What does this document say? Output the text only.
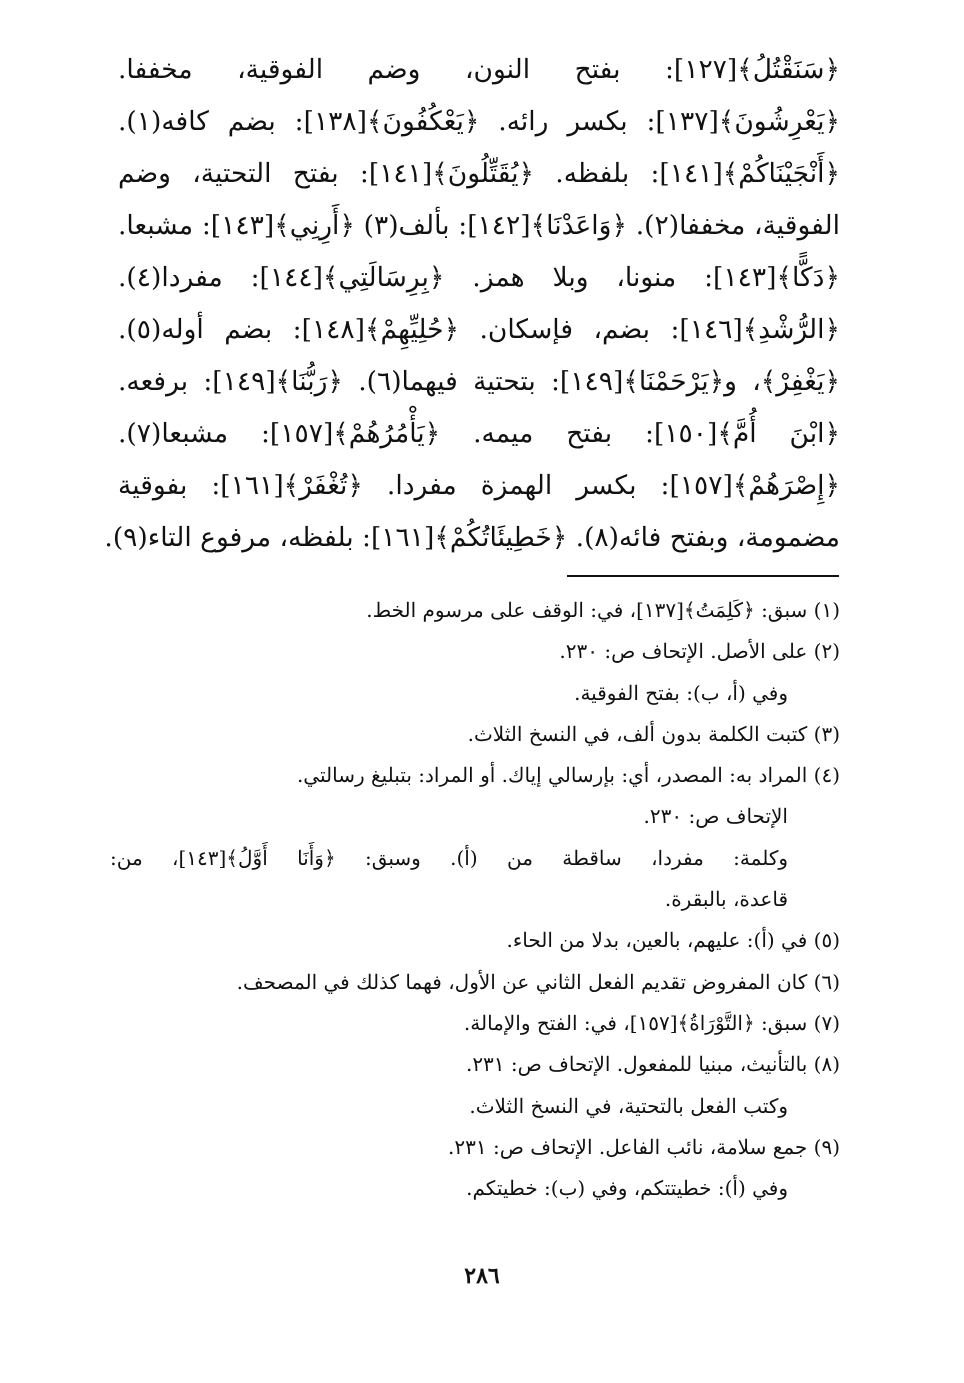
﴿سَنَقْتُلُ﴾[١٢٧]: بفتح النون، وضم الفوقية، مخففا.
﴿يَعْرِشُونَ﴾[١٣٧]: بكسر رائه. ﴿يَعْكُفُونَ﴾[١٣٨]: بضم كافه(١).
﴿أَنْجَيْنَاكُمْ﴾[١٤١]: بلفظه. ﴿يُقَتِّلُونَ﴾[١٤١]: بفتح التحتية، وضم
الفوقية، مخففا(٢). ﴿وَاعَدْنَا﴾[١٤٢]: بألف(٣) ﴿أَرِنِي﴾[١٤٣]: مشبعا.
﴿دَكًّا﴾[١٤٣]: منونا، وبلا همز. ﴿بِرِسَالَتِي﴾[١٤٤]: مفردا(٤).
﴿الرُّشْدِ﴾[١٤٦]: بضم، فإسكان. ﴿حُلِيِّهِمْ﴾[١٤٨]: بضم أوله(٥).
﴿يَغْفِرْ﴾، و﴿يَرْحَمْنَا﴾[١٤٩]: بتحتية فيهما(٦). ﴿رَبُّنَا﴾[١٤٩]: برفعه.
﴿ابْنَ أُمَّ﴾[١٥٠]: بفتح ميمه. ﴿يَأْمُرُهُمْ﴾[١٥٧]: مشبعا(٧).
﴿إِصْرَهُمْ﴾[١٥٧]: بكسر الهمزة مفردا. ﴿تُغْفَرْ﴾[١٦١]: بفوقية
مضمومة، وبفتح فائه(٨). ﴿خَطِيئَاتُكُمْ﴾[١٦١]: بلفظه، مرفوع التاء(٩).
(١) سبق: ﴿كَلِمَتُ﴾[١٣٧]، في: الوقف على مرسوم الخط.
(٢) على الأصل. الإتحاف ص: ٢٣٠.
وفي (أ، ب): بفتح الفوقية.
(٣) كتبت الكلمة بدون ألف، في النسخ الثلاث.
(٤) المراد به: المصدر، أي: بإرسالي إياك. أو المراد: بتبليغ رسالتي.
الإتحاف ص: ٢٣٠.
وكلمة: مفردا، ساقطة من (أ). وسبق: ﴿وَأَنَا أَوَّلُ﴾[١٤٣]، من:
قاعدة، بالبقرة.
(٥) في (أ): عليهم، بالعين، بدلا من الحاء.
(٦) كان المفروض تقديم الفعل الثاني عن الأول، فهما كذلك في المصحف.
(٧) سبق: ﴿التَّوْرَاةُ﴾[١٥٧]، في: الفتح والإمالة.
(٨) بالتأنيث، مبنيا للمفعول. الإتحاف ص: ٢٣١.
وكتب الفعل بالتحتية، في النسخ الثلاث.
(٩) جمع سلامة، نائب الفاعل. الإتحاف ص: ٢٣١.
وفي (أ): خطيتتكم، وفي (ب): خطيتكم.
٢٨٦
